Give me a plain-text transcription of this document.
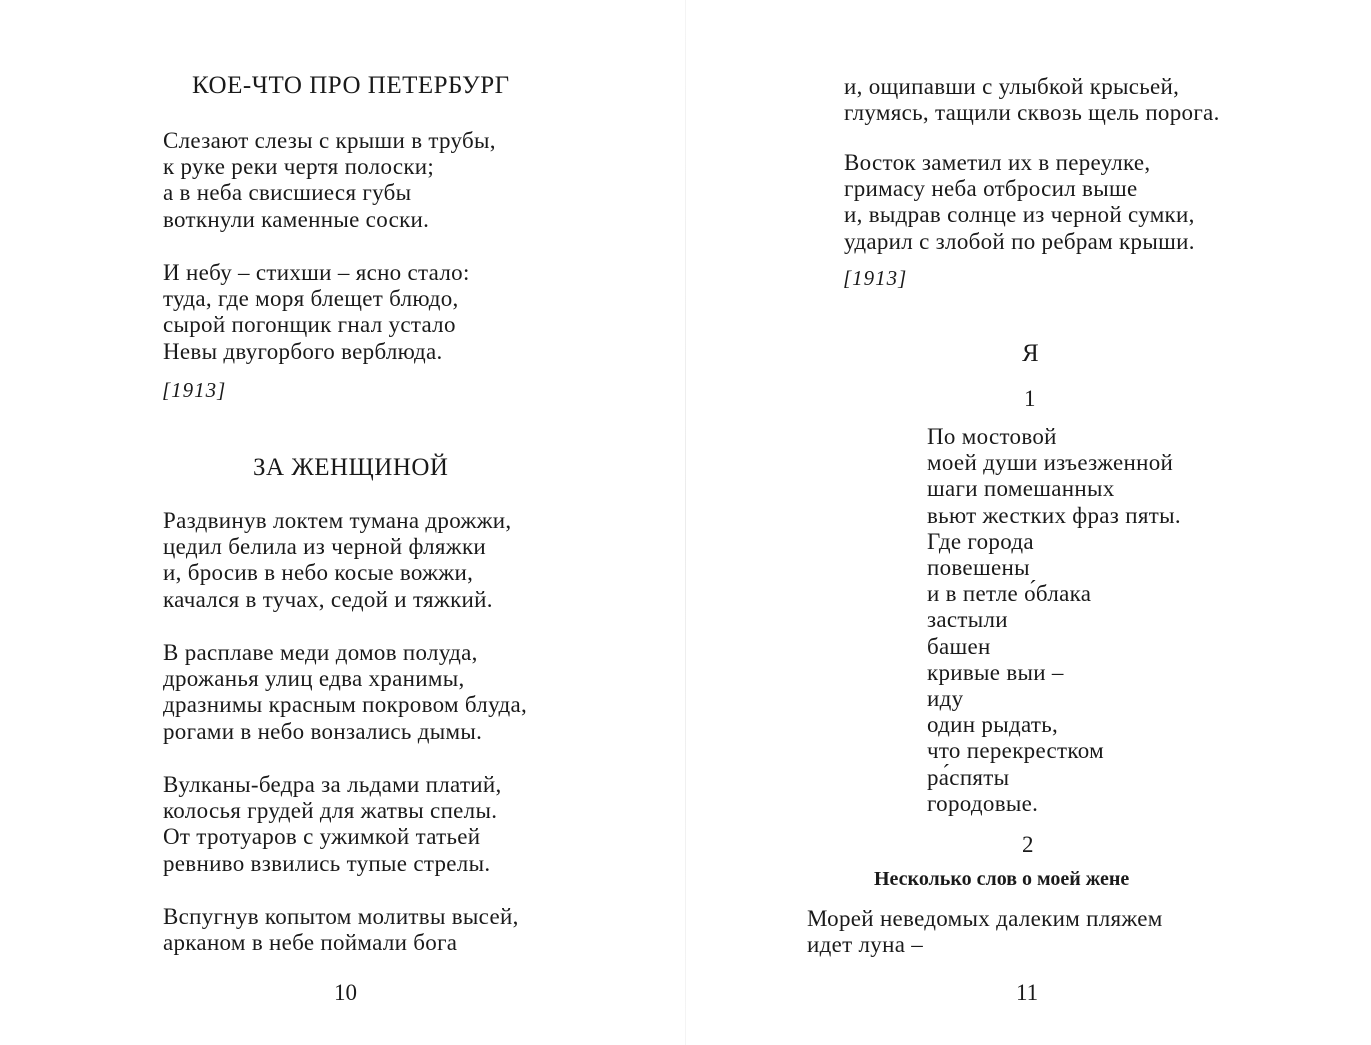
КОЕ-ЧТО ПРО ПЕТЕРБУРГ
Слезают слезы с крыши в трубы,
к руке реки чертя полоски;
а в неба свисшиеся губы
воткнули каменные соски.
И небу – стихши – ясно стало:
туда, где моря блещет блюдо,
сырой погонщик гнал устало
Невы двугорбого верблюда.
[1913]
ЗА ЖЕНЩИНОЙ
Раздвинув локтем тумана дрожжи,
цедил белила из черной фляжки
и, бросив в небо косые вожжи,
качался в тучах, седой и тяжкий.
В расплаве меди домов полуда,
дрожанья улиц едва хранимы,
дразнимы красным покровом блуда,
рогами в небо вонзались дымы.
Вулканы-бедра за льдами платий,
колосья грудей для жатвы спелы.
От тротуаров с ужимкой татьей
ревниво взвились тупые стрелы.
Вспугнув копытом молитвы высей,
арканом в небе поймали бога
10
и, ощипавши с улыбкой крысьей,
глумясь, тащили сквозь щель порога.
Восток заметил их в переулке,
гримасу неба отбросил выше
и, выдрав солнце из черной сумки,
ударил с злобой по ребрам крыши.
[1913]
Я
1
По мостовой
моей души изъезженной
шаги помешанных
вьют жестких фраз пяты.
Где города
повешены
и в петле о́блака
застыли
башен
кривые выи –
иду
один рыдать,
что перекрестком
ра́спяты
городовые.
2
Несколько слов о моей жене
Морей неведомых далеким пляжем
идет луна –
11
